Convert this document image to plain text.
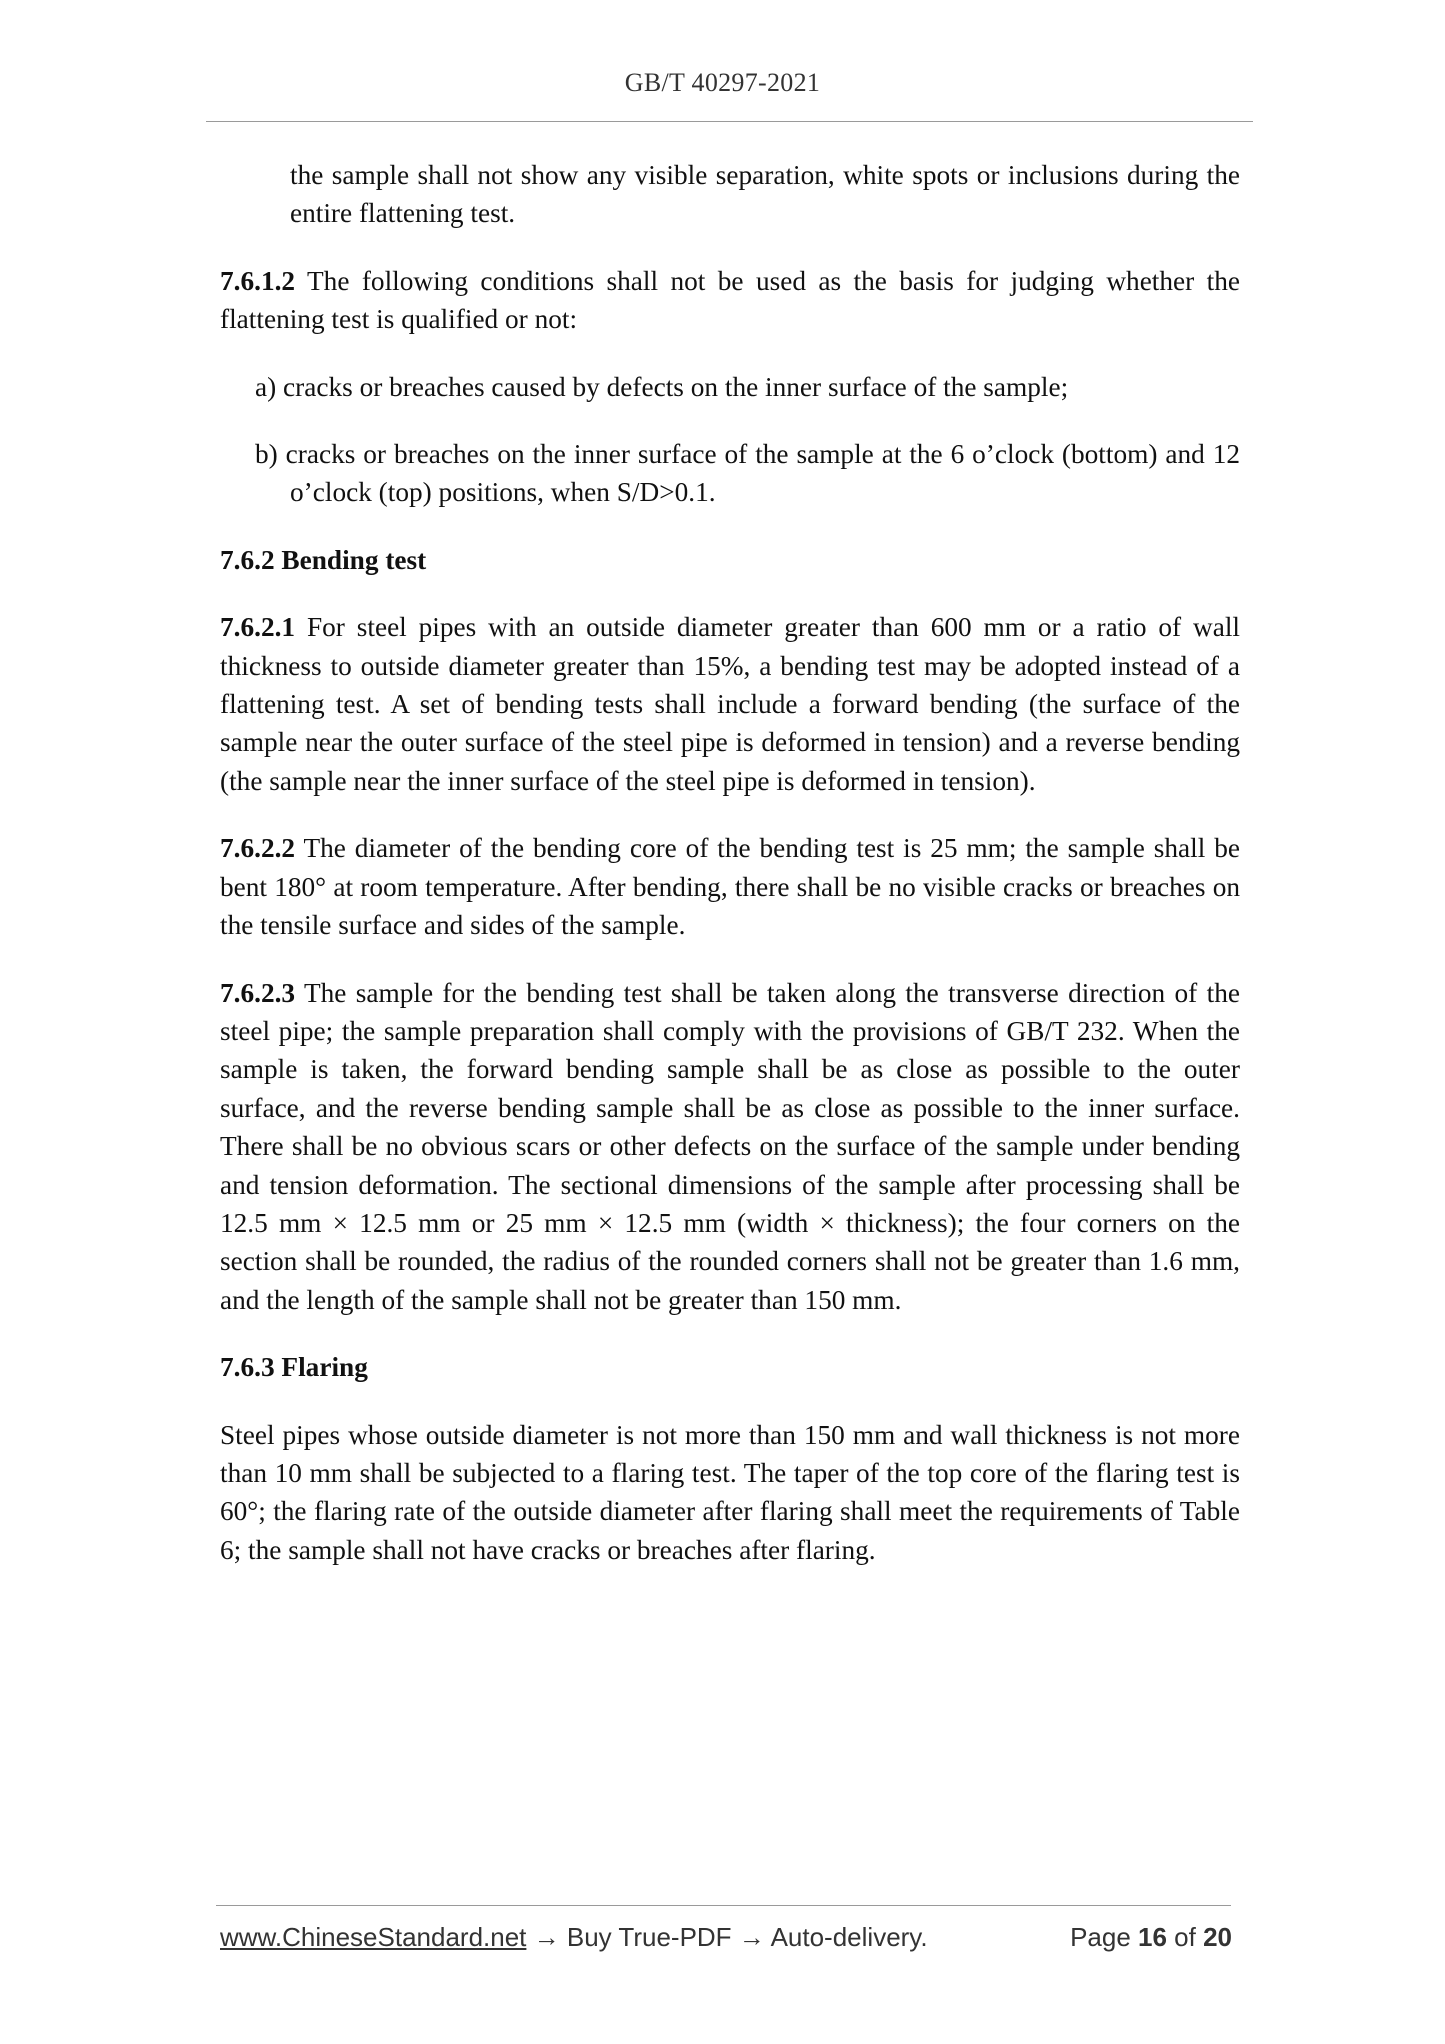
GB/T 40297-2021

the sample shall not show any visible separation, white spots or inclusions during the entire flattening test.

7.6.1.2 The following conditions shall not be used as the basis for judging whether the flattening test is qualified or not:

a) cracks or breaches caused by defects on the inner surface of the sample;

b) cracks or breaches on the inner surface of the sample at the 6 o’clock (bottom) and 12 o’clock (top) positions, when S/D>0.1.

7.6.2 Bending test

7.6.2.1 For steel pipes with an outside diameter greater than 600 mm or a ratio of wall thickness to outside diameter greater than 15%, a bending test may be adopted instead of a flattening test. A set of bending tests shall include a forward bending (the surface of the sample near the outer surface of the steel pipe is deformed in tension) and a reverse bending (the sample near the inner surface of the steel pipe is deformed in tension).

7.6.2.2 The diameter of the bending core of the bending test is 25 mm; the sample shall be bent 180° at room temperature. After bending, there shall be no visible cracks or breaches on the tensile surface and sides of the sample.

7.6.2.3 The sample for the bending test shall be taken along the transverse direction of the steel pipe; the sample preparation shall comply with the provisions of GB/T 232. When the sample is taken, the forward bending sample shall be as close as possible to the outer surface, and the reverse bending sample shall be as close as possible to the inner surface. There shall be no obvious scars or other defects on the surface of the sample under bending and tension deformation. The sectional dimensions of the sample after processing shall be 12.5 mm × 12.5 mm or 25 mm × 12.5 mm (width × thickness); the four corners on the section shall be rounded, the radius of the rounded corners shall not be greater than 1.6 mm, and the length of the sample shall not be greater than 150 mm.

7.6.3 Flaring

Steel pipes whose outside diameter is not more than 150 mm and wall thickness is not more than 10 mm shall be subjected to a flaring test. The taper of the top core of the flaring test is 60°; the flaring rate of the outside diameter after flaring shall meet the requirements of Table 6; the sample shall not have cracks or breaches after flaring.

www.ChineseStandard.net → Buy True-PDF → Auto-delivery.	Page 16 of 20
